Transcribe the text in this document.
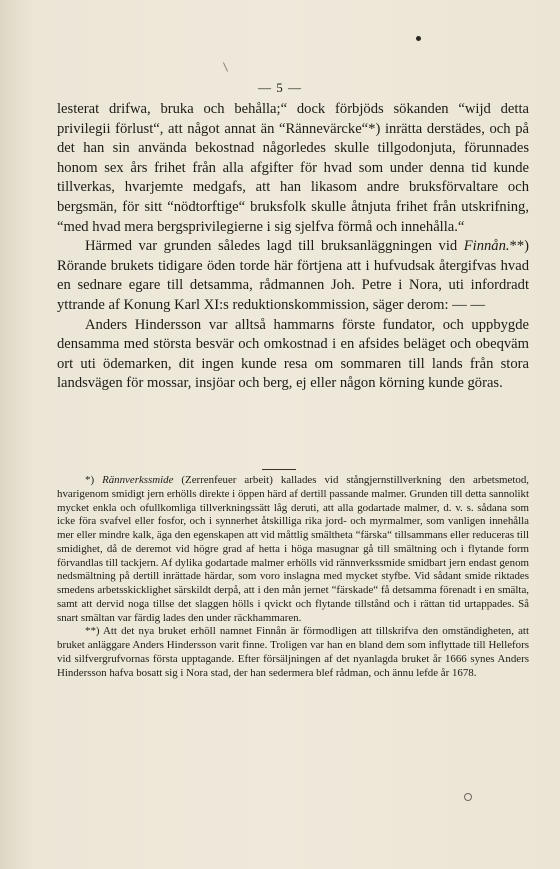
— 5 —

lesterat drifwa, bruka och behålla;“ dock förbjöds sökanden “wijd detta privilegii förlust“, att något annat än “Rännevärcke“*) inrätta derstädes, och på det han sin använda bekostnad någorledes skulle tillgodonjuta, förunnades honom sex års frihet från alla afgifter för hvad som under denna tid kunde tillverkas, hvarjemte medgafs, att han likasom andre bruksförvaltare och bergsmän, för sitt “nödtorftige“ bruksfolk skulle åtnjuta frihet från utskrifning, “med hvad mera bergsprivilegierne i sig sjelfva förmå och innehålla.“

Härmed var grunden således lagd till bruksanläggningen vid Finnån.**) Rörande brukets tidigare öden torde här förtjena att i hufvudsak återgifvas hvad en sednare egare till detsamma, rådmannen Joh. Petre i Nora, uti infordradt yttrande af Konung Karl XI:s reduktionskommission, säger derom: — —

Anders Hindersson var alltså hammarns förste fundator, och uppbygde densamma med största besvär och omkostnad i en afsides beläget och obeqväm ort uti ödemarken, dit ingen kunde resa om sommaren till lands från stora landsvägen för mossar, insjöar och berg, ej eller någon körning kunde göras.

*) Rännverkssmide (Zerrenfeuer arbeit) kallades vid stångjernstillverkning den arbetsmetod, hvarigenom smidigt jern erhölls direkte i öppen härd af dertill passande malmer. Grunden till detta sannolikt mycket enkla och ofullkomliga tillverkningssätt låg deruti, att alla godartade malmer, d. v. s. sådana som icke föra svafvel eller fosfor, och i synnerhet åtskilliga rika jord- och myrmalmer, som vanligen innehålla mer eller mindre kalk, äga den egenskapen att vid måttlig smältheta “färska“ tillsammans eller reduceras till smidighet, då de deremot vid högre grad af hetta i höga masugnar gå till smältning och i flytande form förvandlas till tackjern. Af dylika godartade malmer erhölls vid rännverkssmide smidbart jern endast genom nedsmältning på dertill inrättade härdar, som voro inslagna med mycket styfbe. Vid sådant smide riktades smedens arbetsskicklighet särskildt derpå, att i den mån jernet “färskade“ få detsamma förenadt i en smälta, samt att dervid noga tillse det slaggen hölls i qvickt och flytande tillstånd och i rättan tid urtappades. Så snart smältan var färdig lades den under räckhammaren.

**) Att det nya bruket erhöll namnet Finnån är förmodligen att tillskrifva den omständigheten, att bruket anläggare Anders Hindersson varit finne. Troligen var han en bland dem som inflyttade till Hellefors vid silfvergrufvornas första upptagande. Efter försäljningen af det nyanlagda bruket år 1666 synes Anders Hindersson hafva bosatt sig i Nora stad, der han sedermera blef rådman, och ännu lefde år 1678.
